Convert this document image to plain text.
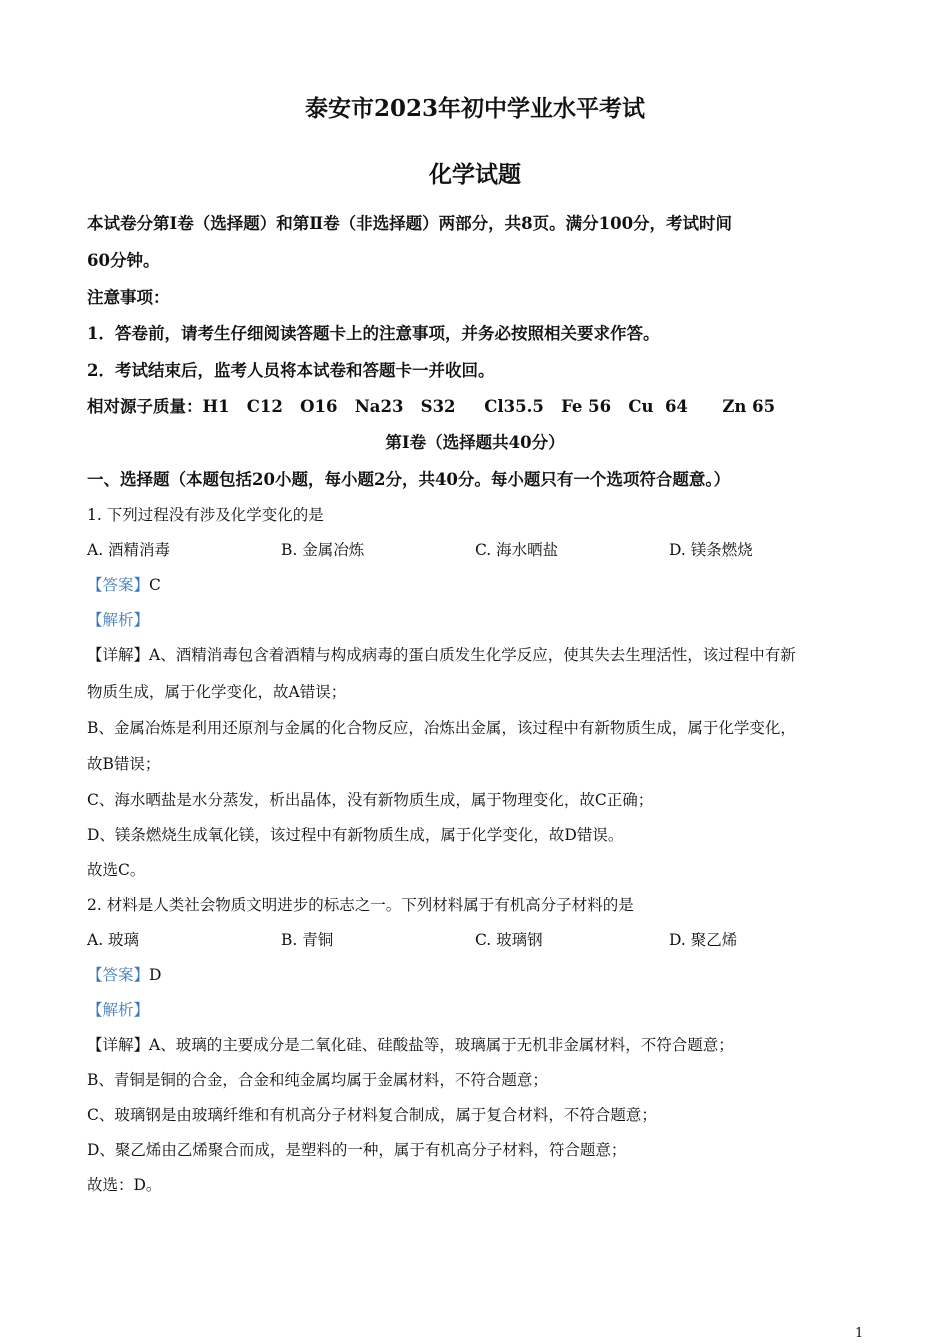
泰安市2023年初中学业水平考试
化学试题
本试卷分第Ⅰ卷（选择题）和第Ⅱ卷（非选择题）两部分，共8页。满分100分，考试时间
60分钟。
注意事项：
1．答卷前，请考生仔细阅读答题卡上的注意事项，并务必按照相关要求作答。
2．考试结束后，监考人员将本试卷和答题卡一并收回。
相对源子质量：H1   C12   O16   Na23   S32     Cl35.5   Fe 56   Cu  64      Zn 65
第Ⅰ卷（选择题共40分）
一、选择题（本题包括20小题，每小题2分，共40分。每小题只有一个选项符合题意。）
1. 下列过程没有涉及化学变化的是
A. 酒精消毒	B. 金属冶炼	C. 海水晒盐	D. 镁条燃烧
【答案】C
【解析】
【详解】A、酒精消毒包含着酒精与构成病毒的蛋白质发生化学反应，使其失去生理活性，该过程中有新
物质生成，属于化学变化，故A错误；
B、金属冶炼是利用还原剂与金属的化合物反应，冶炼出金属，该过程中有新物质生成，属于化学变化，
故B错误；
C、海水晒盐是水分蒸发，析出晶体，没有新物质生成，属于物理变化，故C正确；
D、镁条燃烧生成氧化镁，该过程中有新物质生成，属于化学变化，故D错误。
故选C。
2. 材料是人类社会物质文明进步的标志之一。下列材料属于有机高分子材料的是
A. 玻璃	B. 青铜	C. 玻璃钢	D. 聚乙烯
【答案】D
【解析】
【详解】A、玻璃的主要成分是二氧化硅、硅酸盐等，玻璃属于无机非金属材料，不符合题意；
B、青铜是铜的合金，合金和纯金属均属于金属材料，不符合题意；
C、玻璃钢是由玻璃纤维和有机高分子材料复合制成，属于复合材料，不符合题意；
D、聚乙烯由乙烯聚合而成，是塑料的一种，属于有机高分子材料，符合题意；
故选：D。
1
